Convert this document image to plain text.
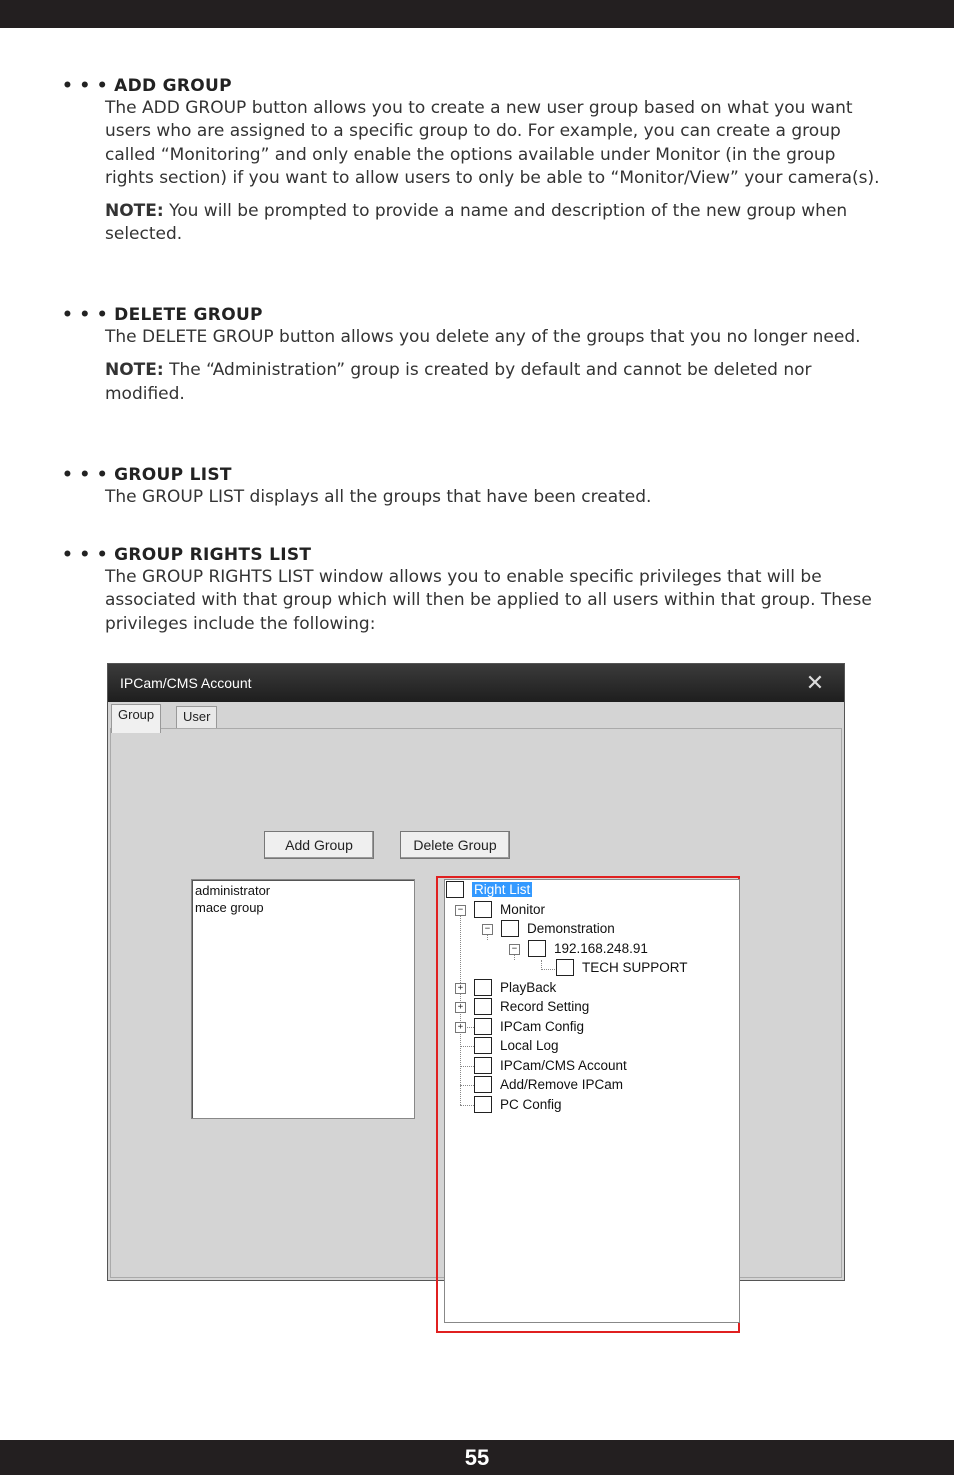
• • • ADD GROUP
The ADD GROUP button allows you to create a new user group based on what you want users who are assigned to a specific group to do. For example, you can create a group called “Monitoring” and only enable the options available under Monitor (in the group rights section) if you want to allow users to only be able to “Monitor/View” your camera(s).
NOTE: You will be prompted to provide a name and description of the new group when selected.
• • • DELETE GROUP
The DELETE GROUP button allows you delete any of the groups that you no longer need.
NOTE: The “Administration” group is created by default and cannot be deleted nor modified.
• • • GROUP LIST
The GROUP LIST displays all the groups that have been created.
• • • GROUP RIGHTS LIST
The GROUP RIGHTS LIST window allows you to enable specific privileges that will be associated with that group which will then be applied to all users within that group. These privileges include the following:
IPCam/CMS Account	✕
Group	User
Add Group	Delete Group
administrator
mace group	−
−
−
+
+
+
Right List
Monitor
Demonstration
192.168.248.91
TECH SUPPORT
PlayBack
Record Setting
IPCam Config
Local Log
IPCam/CMS Account
Add/Remove IPCam
PC Config
55
